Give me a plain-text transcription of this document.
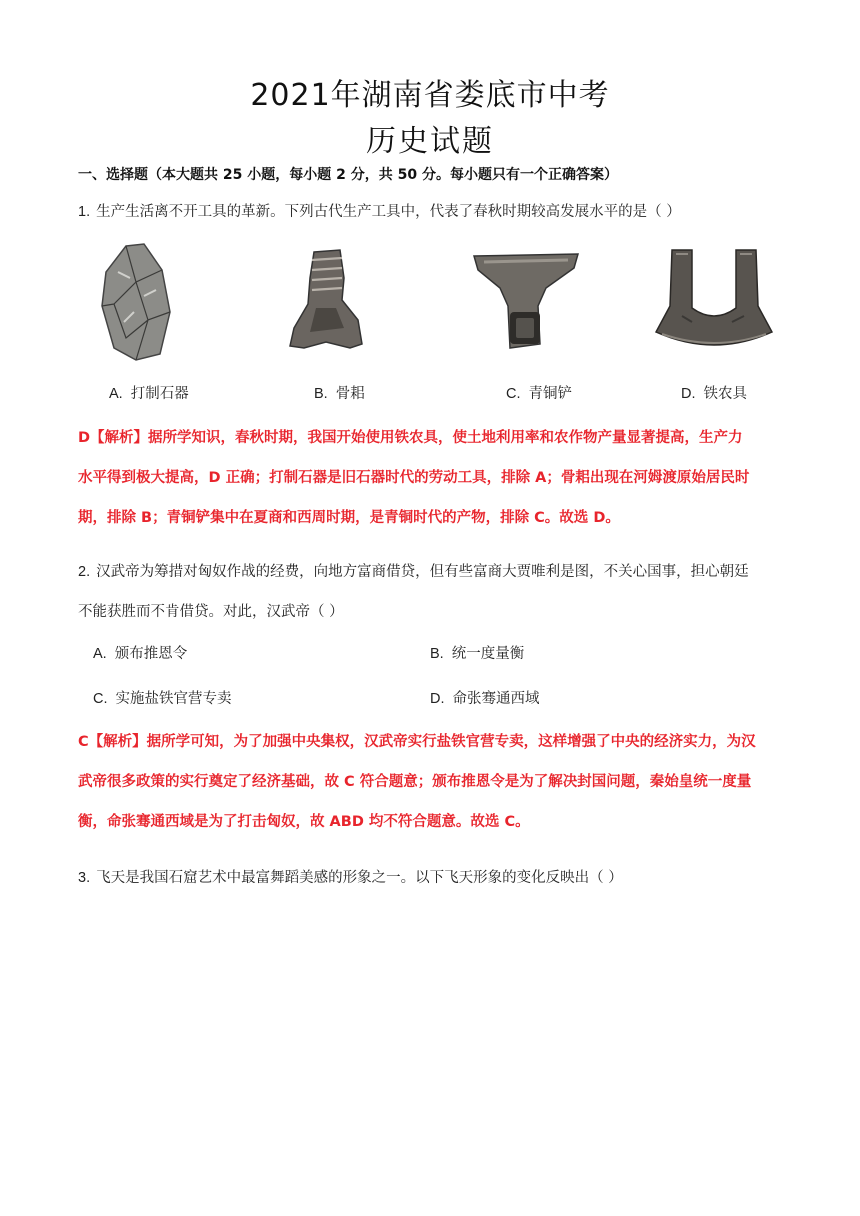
2021年湖南省娄底市中考
历史试题
一、选择题（本大题共 25 小题，每小题 2 分，共 50 分。每小题只有一个正确答案）
1. 生产生活离不开工具的革新。下列古代生产工具中，代表了春秋时期较高发展水平的是（ ）
A. 打制石器	B. 骨耜	C. 青铜铲	D. 铁农具
D【解析】据所学知识，春秋时期，我国开始使用铁农具，使土地利用率和农作物产量显著提高，生产力
水平得到极大提高，D 正确；打制石器是旧石器时代的劳动工具，排除 A；骨耜出现在河姆渡原始居民时
期，排除 B；青铜铲集中在夏商和西周时期，是青铜时代的产物，排除 C。故选 D。
2. 汉武帝为筹措对匈奴作战的经费，向地方富商借贷，但有些富商大贾唯利是图，不关心国事，担心朝廷
不能获胜而不肯借贷。对此，汉武帝（ ）
A. 颁布推恩令	B. 统一度量衡
C. 实施盐铁官营专卖	D. 命张骞通西域
C【解析】据所学可知，为了加强中央集权，汉武帝实行盐铁官营专卖，这样增强了中央的经济实力，为汉
武帝很多政策的实行奠定了经济基础，故 C 符合题意；颁布推恩令是为了解决封国问题，秦始皇统一度量
衡，命张骞通西域是为了打击匈奴，故 ABD 均不符合题意。故选 C。
3. 飞天是我国石窟艺术中最富舞蹈美感的形象之一。以下飞天形象的变化反映出（ ）
